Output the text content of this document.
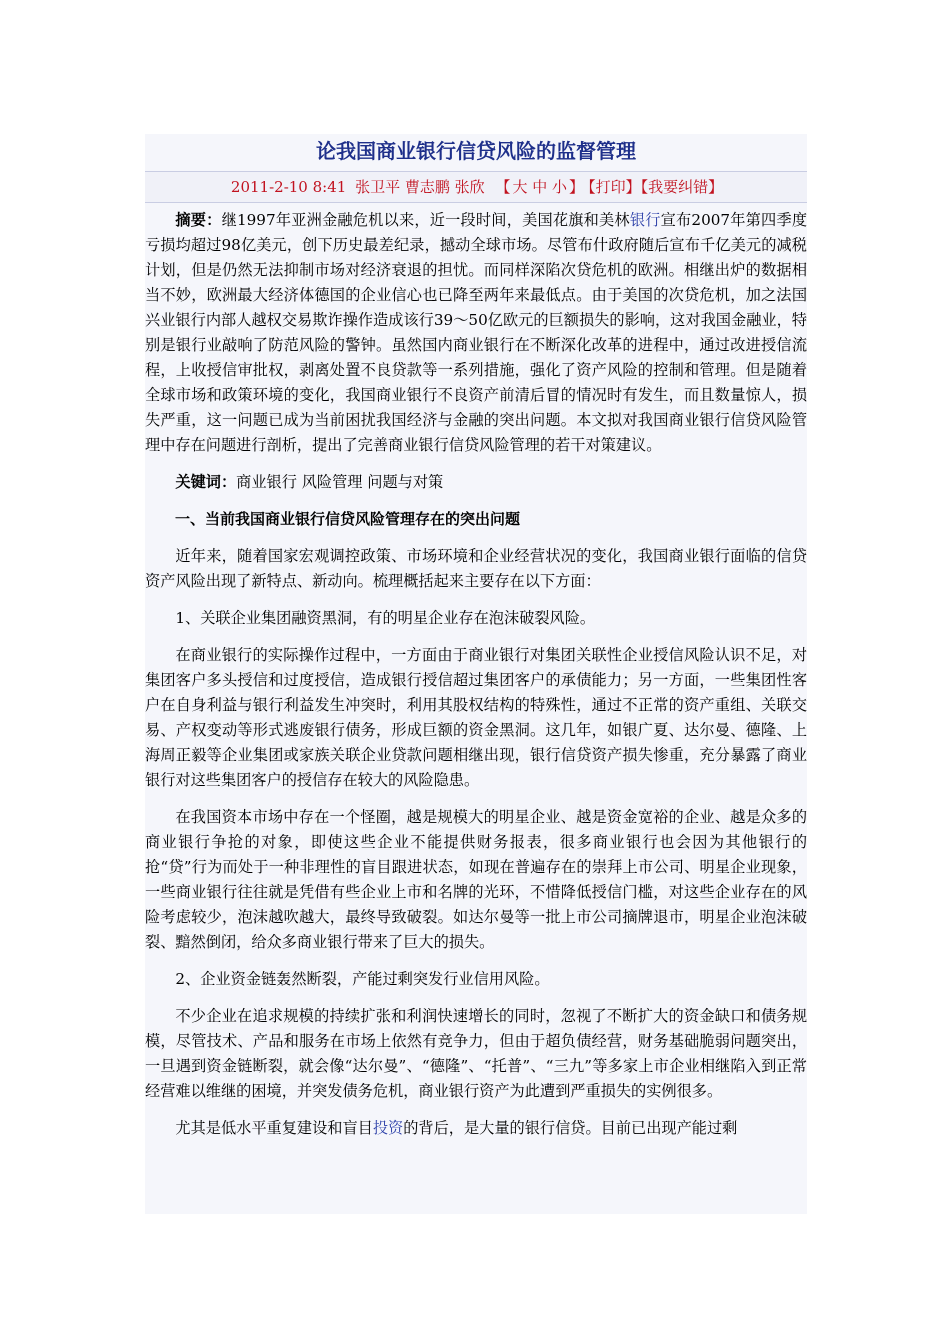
论我国商业银行信贷风险的监督管理
2011-2-10 8:41 张卫平 曹志鹏 张欣 【 大 中 小 】 【打印】【我要纠错】

摘要：继1997年亚洲金融危机以来，近一段时间，美国花旗和美林银行宣布2007年第四季度亏损均超过98亿美元，创下历史最差纪录，撼动全球市场。尽管布什政府随后宣布千亿美元的减税计划，但是仍然无法抑制市场对经济衰退的担忧。而同样深陷次贷危机的欧洲。相继出炉的数据相当不妙，欧洲最大经济体德国的企业信心也已降至两年来最低点。由于美国的次贷危机，加之法国兴业银行内部人越权交易欺诈操作造成该行39～50亿欧元的巨额损失的影响，这对我国金融业，特别是银行业敲响了防范风险的警钟。虽然国内商业银行在不断深化改革的进程中，通过改进授信流程，上收授信审批权，剥离处置不良贷款等一系列措施，强化了资产风险的控制和管理。但是随着全球市场和政策环境的变化，我国商业银行不良资产前清后冒的情况时有发生，而且数量惊人，损失严重，这一问题已成为当前困扰我国经济与金融的突出问题。本文拟对我国商业银行信贷风险管理中存在问题进行剖析，提出了完善商业银行信贷风险管理的若干对策建议。

关键词：商业银行 风险管理 问题与对策

一、当前我国商业银行信贷风险管理存在的突出问题

近年来，随着国家宏观调控政策、市场环境和企业经营状况的变化，我国商业银行面临的信贷资产风险出现了新特点、新动向。梳理概括起来主要存在以下方面：

1、关联企业集团融资黑洞，有的明星企业存在泡沫破裂风险。

在商业银行的实际操作过程中，一方面由于商业银行对集团关联性企业授信风险认识不足，对集团客户多头授信和过度授信，造成银行授信超过集团客户的承债能力；另一方面，一些集团性客户在自身利益与银行利益发生冲突时，利用其股权结构的特殊性，通过不正常的资产重组、关联交易、产权变动等形式逃废银行债务，形成巨额的资金黑洞。这几年，如银广夏、达尔曼、德隆、上海周正毅等企业集团或家族关联企业贷款问题相继出现，银行信贷资产损失惨重，充分暴露了商业银行对这些集团客户的授信存在较大的风险隐患。

在我国资本市场中存在一个怪圈，越是规模大的明星企业、越是资金宽裕的企业、越是众多的商业银行争抢的对象，即使这些企业不能提供财务报表，很多商业银行也会因为其他银行的抢“贷”行为而处于一种非理性的盲目跟进状态，如现在普遍存在的崇拜上市公司、明星企业现象，一些商业银行往往就是凭借有些企业上市和名牌的光环，不惜降低授信门槛，对这些企业存在的风险考虑较少，泡沫越吹越大，最终导致破裂。如达尔曼等一批上市公司摘牌退市，明星企业泡沫破裂、黯然倒闭，给众多商业银行带来了巨大的损失。

2、企业资金链轰然断裂，产能过剩突发行业信用风险。

不少企业在追求规模的持续扩张和利润快速增长的同时，忽视了不断扩大的资金缺口和债务规模，尽管技术、产品和服务在市场上依然有竞争力，但由于超负债经营，财务基础脆弱问题突出，一旦遇到资金链断裂，就会像“达尔曼”、“德隆”、“托普”、“三九”等多家上市企业相继陷入到正常经营难以维继的困境，并突发债务危机，商业银行资产为此遭到严重损失的实例很多。

尤其是低水平重复建设和盲目投资的背后，是大量的银行信贷。目前已出现产能过剩
